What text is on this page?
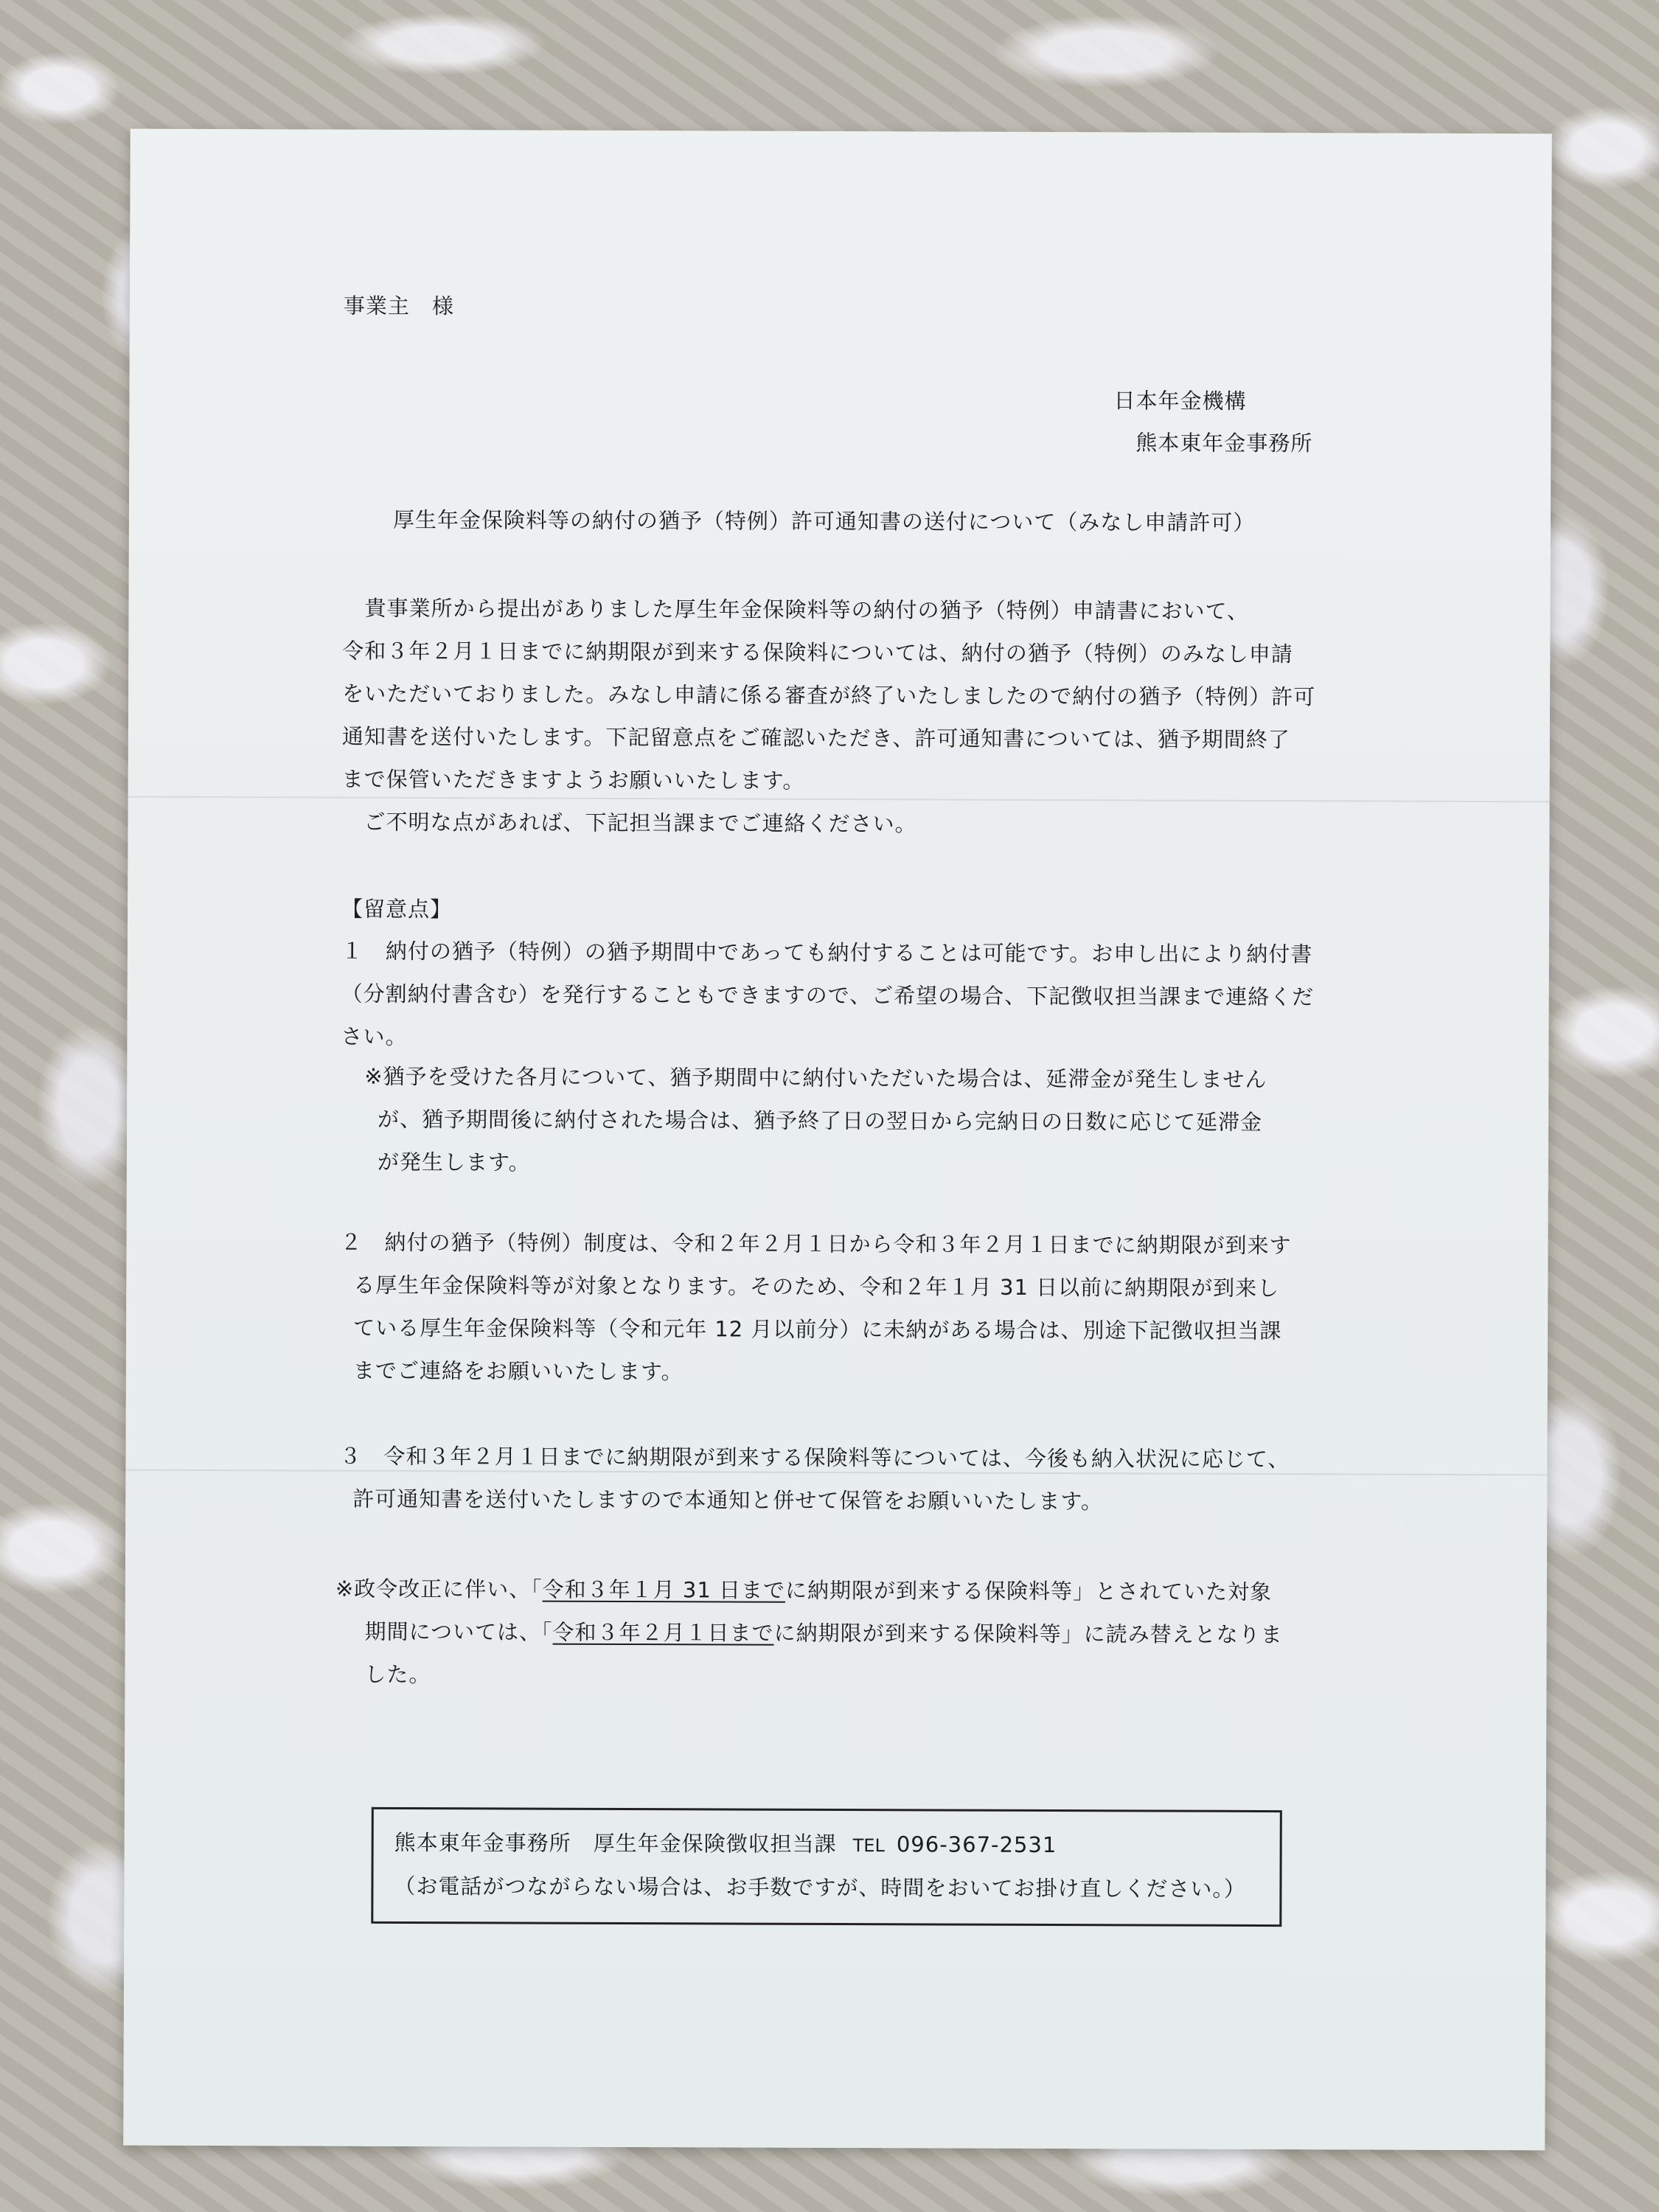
事業主　様
日本年金機構
熊本東年金事務所
厚生年金保険料等の納付の猶予（特例）許可通知書の送付について（みなし申請許可）
　貴事業所から提出がありました厚生年金保険料等の納付の猶予（特例）申請書において、
令和３年２月１日までに納期限が到来する保険料については、納付の猶予（特例）のみなし申請
をいただいておりました。みなし申請に係る審査が終了いたしましたので納付の猶予（特例）許可
通知書を送付いたします。下記留意点をご確認いただき、許可通知書については、猶予期間終了
まで保管いただきますようお願いいたします。
　ご不明な点があれば、下記担当課までご連絡ください。
【留意点】
１　納付の猶予（特例）の猶予期間中であっても納付することは可能です。お申し出により納付書
（分割納付書含む）を発行することもできますので、ご希望の場合、下記徴収担当課まで連絡くだ
さい。
※猶予を受けた各月について、猶予期間中に納付いただいた場合は、延滞金が発生しません
が、猶予期間後に納付された場合は、猶予終了日の翌日から完納日の日数に応じて延滞金
が発生します。
２　納付の猶予（特例）制度は、令和２年２月１日から令和３年２月１日までに納期限が到来す
る厚生年金保険料等が対象となります。そのため、令和２年１月 31 日以前に納期限が到来し
ている厚生年金保険料等（令和元年 12 月以前分）に未納がある場合は、別途下記徴収担当課
までご連絡をお願いいたします。
３　令和３年２月１日までに納期限が到来する保険料等については、今後も納入状況に応じて、
許可通知書を送付いたしますので本通知と併せて保管をお願いいたします。
※政令改正に伴い、「令和３年１月 31 日までに納期限が到来する保険料等」とされていた対象
期間については、「令和３年２月１日までに納期限が到来する保険料等」に読み替えとなりま
した。
熊本東年金事務所　厚生年金保険徴収担当課 TEL 096-367-2531
（お電話がつながらない場合は、お手数ですが、時間をおいてお掛け直しください。）
